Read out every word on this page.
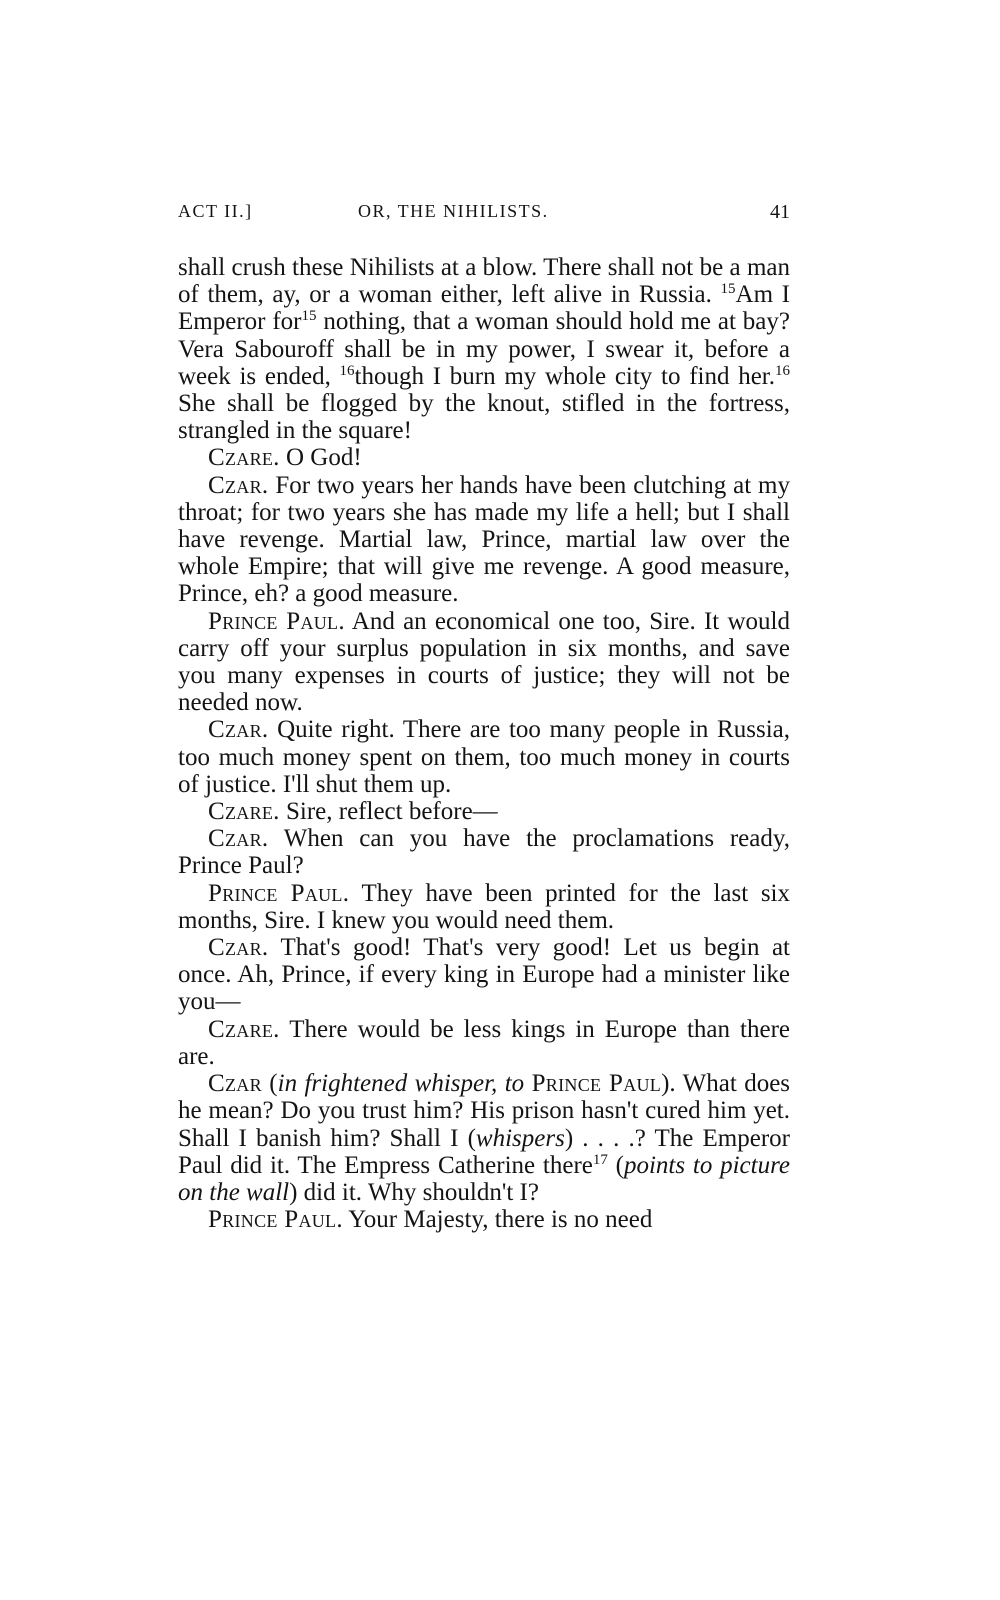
ACT II.]	OR, THE NIHILISTS.	41

shall crush these Nihilists at a blow. There shall not be a man of them, ay, or a woman either, left alive in Russia. $^{15}$Am I Emperor for$^{15}$ nothing, that a woman should hold me at bay? Vera Sabouroff shall be in my power, I swear it, before a week is ended, $^{16}$though I burn my whole city to find her.$^{16}$ She shall be flogged by the knout, stifled in the fortress, strangled in the square!

Czare. O God!

Czar. For two years her hands have been clutching at my throat; for two years she has made my life a hell; but I shall have revenge. Martial law, Prince, martial law over the whole Empire; that will give me revenge. A good measure, Prince, eh? a good measure.

Prince Paul. And an economical one too, Sire. It would carry off your surplus population in six months, and save you many expenses in courts of justice; they will not be needed now.

Czar. Quite right. There are too many people in Russia, too much money spent on them, too much money in courts of justice. I'll shut them up.

Czare. Sire, reflect before—

Czar. When can you have the proclamations ready, Prince Paul?

Prince Paul. They have been printed for the last six months, Sire. I knew you would need them.

Czar. That's good! That's very good! Let us begin at once. Ah, Prince, if every king in Europe had a minister like you—

Czare. There would be less kings in Europe than there are.

Czar (in frightened whisper, to Prince Paul). What does he mean? Do you trust him? His prison hasn't cured him yet. Shall I banish him? Shall I (whispers) . . . .? The Emperor Paul did it. The Empress Catherine there$^{17}$ (points to picture on the wall) did it. Why shouldn't I?

Prince Paul. Your Majesty, there is no need
